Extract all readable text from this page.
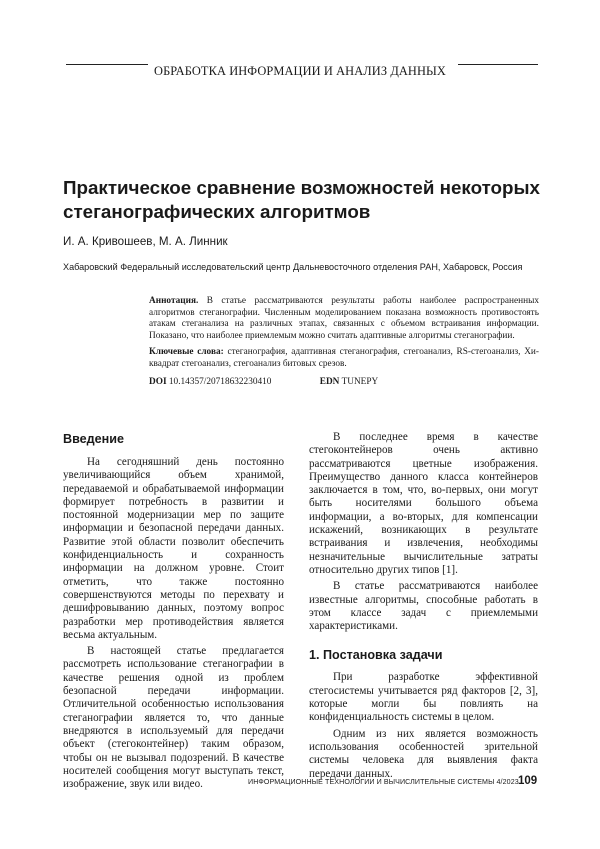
ОБРАБОТКА ИНФОРМАЦИИ И АНАЛИЗ ДАННЫХ
Практическое сравнение возможностей некоторых стеганографических алгоритмов
И. А. Кривошеев, М. А. Линник
Хабаровский Федеральный исследовательский центр Дальневосточного отделения РАН, Хабаровск, Россия

Аннотация. В статье рассматриваются результаты работы наиболее распространенных алгоритмов стеганографии. Численным моделированием показана возможность противостоять атакам стеганализа на различных этапах, связанных с объемом встраивания информации. Показано, что наиболее приемлемым можно считать адаптивные алгоритмы стеганографии.

Ключевые слова: стеганография, адаптивная стеганография, стегоанализ, RS-стегоанализ, Хи-квадрат стегоанализ, стегоанализ битовых срезов.

DOI 10.14357/20718632230410	EDN TUNEPY
Введение

На сегодняшний день постоянно увеличивающийся объем хранимой, передаваемой и обрабатываемой информации формирует потребность в развитии и постоянной модернизации мер по защите информации и безопасной передачи данных. Развитие этой области позволит обеспечить конфиденциальность и сохранность информации на должном уровне. Стоит отметить, что также постоянно совершенствуются методы по перехвату и дешифровыванию данных, поэтому вопрос разработки мер противодействия является весьма актуальным.

В настоящей статье предлагается рассмотреть использование стеганографии в качестве решения одной из проблем безопасной передачи информации. Отличительной особенностью использования стеганографии является то, что данные внедряются в используемый для передачи объект (стегоконтейнер) таким образом, чтобы он не вызывал подозрений. В качестве носителей сообщения могут выступать текст, изображение, звук или видео.

В последнее время в качестве стегоконтейнеров очень активно рассматриваются цветные изображения. Преимущество данного класса контейнеров заключается в том, что, во-первых, они могут быть носителями большого объема информации, а во-вторых, для компенсации искажений, возникающих в результате встраивания и извлечения, необходимы незначительные вычислительные затраты относительно других типов [1].

В статье рассматриваются наиболее известные алгоритмы, способные работать в этом классе задач с приемлемыми характеристиками.

1. Постановка задачи

При разработке эффективной стегосистемы учитывается ряд факторов [2, 3], которые могли бы повлиять на конфиденциальность системы в целом.

Одним из них является возможность использования особенностей зрительной системы человека для выявления факта передачи данных.

ИНФОРМАЦИОННЫЕ ТЕХНОЛОГИИ И ВЫЧИСЛИТЕЛЬНЫЕ СИСТЕМЫ 4/2023 109
